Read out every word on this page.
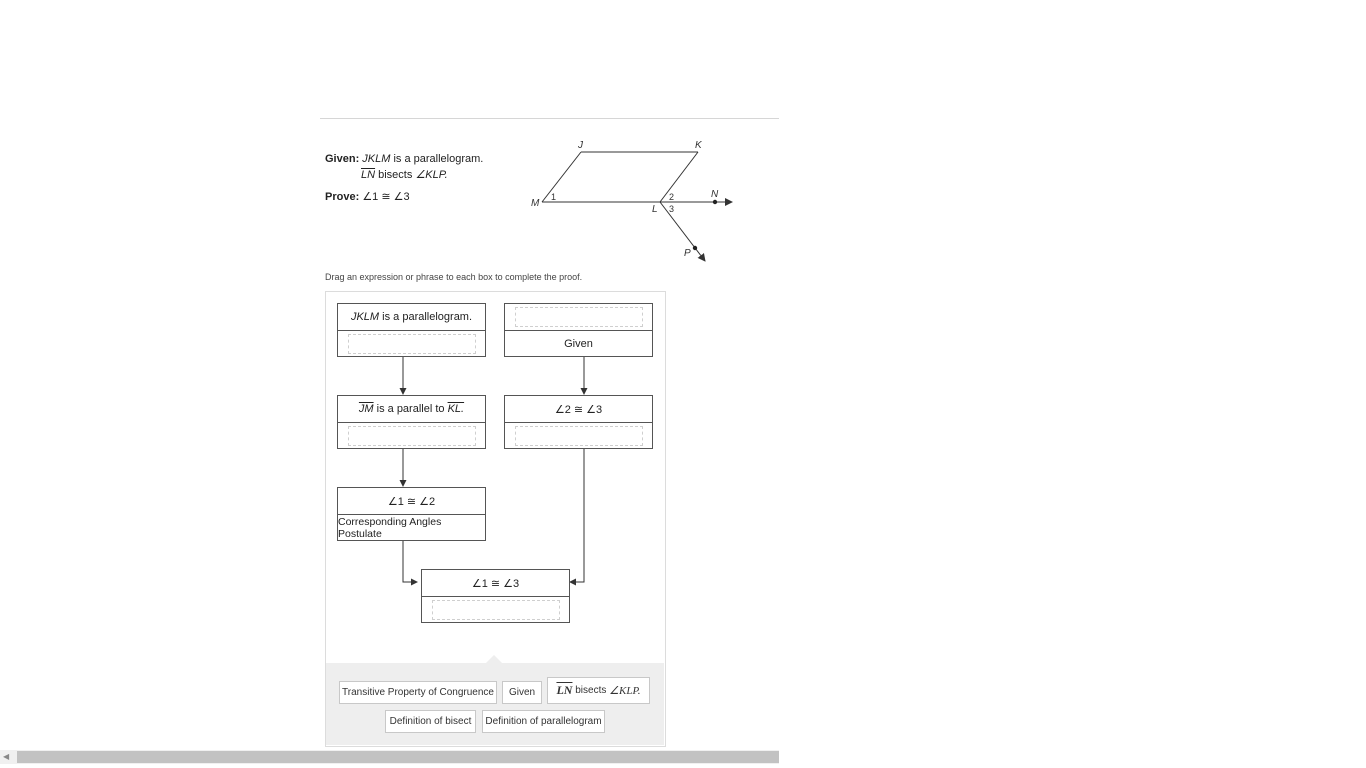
Given: JKLM is a parallelogram.
$\overline{LN}$ bisects ∠KLP.
Prove: ∠1 ≅ ∠3
J	K
M
L
N
P
1	2
3
Drag an expression or phrase to each box to complete the proof.
JKLM
is a parallelogram.
Given
$\overline{JM}$
is a parallel to
KL.	∠2 ≅ ∠3
∠1 ≅ ∠2
Corresponding Angles Postulate
∠1 ≅ ∠3
Transitive Property of Congruence	Given	$\overline{LN}$
bisects
∠KLP.
Definition of bisect	Definition of parallelogram
◀
